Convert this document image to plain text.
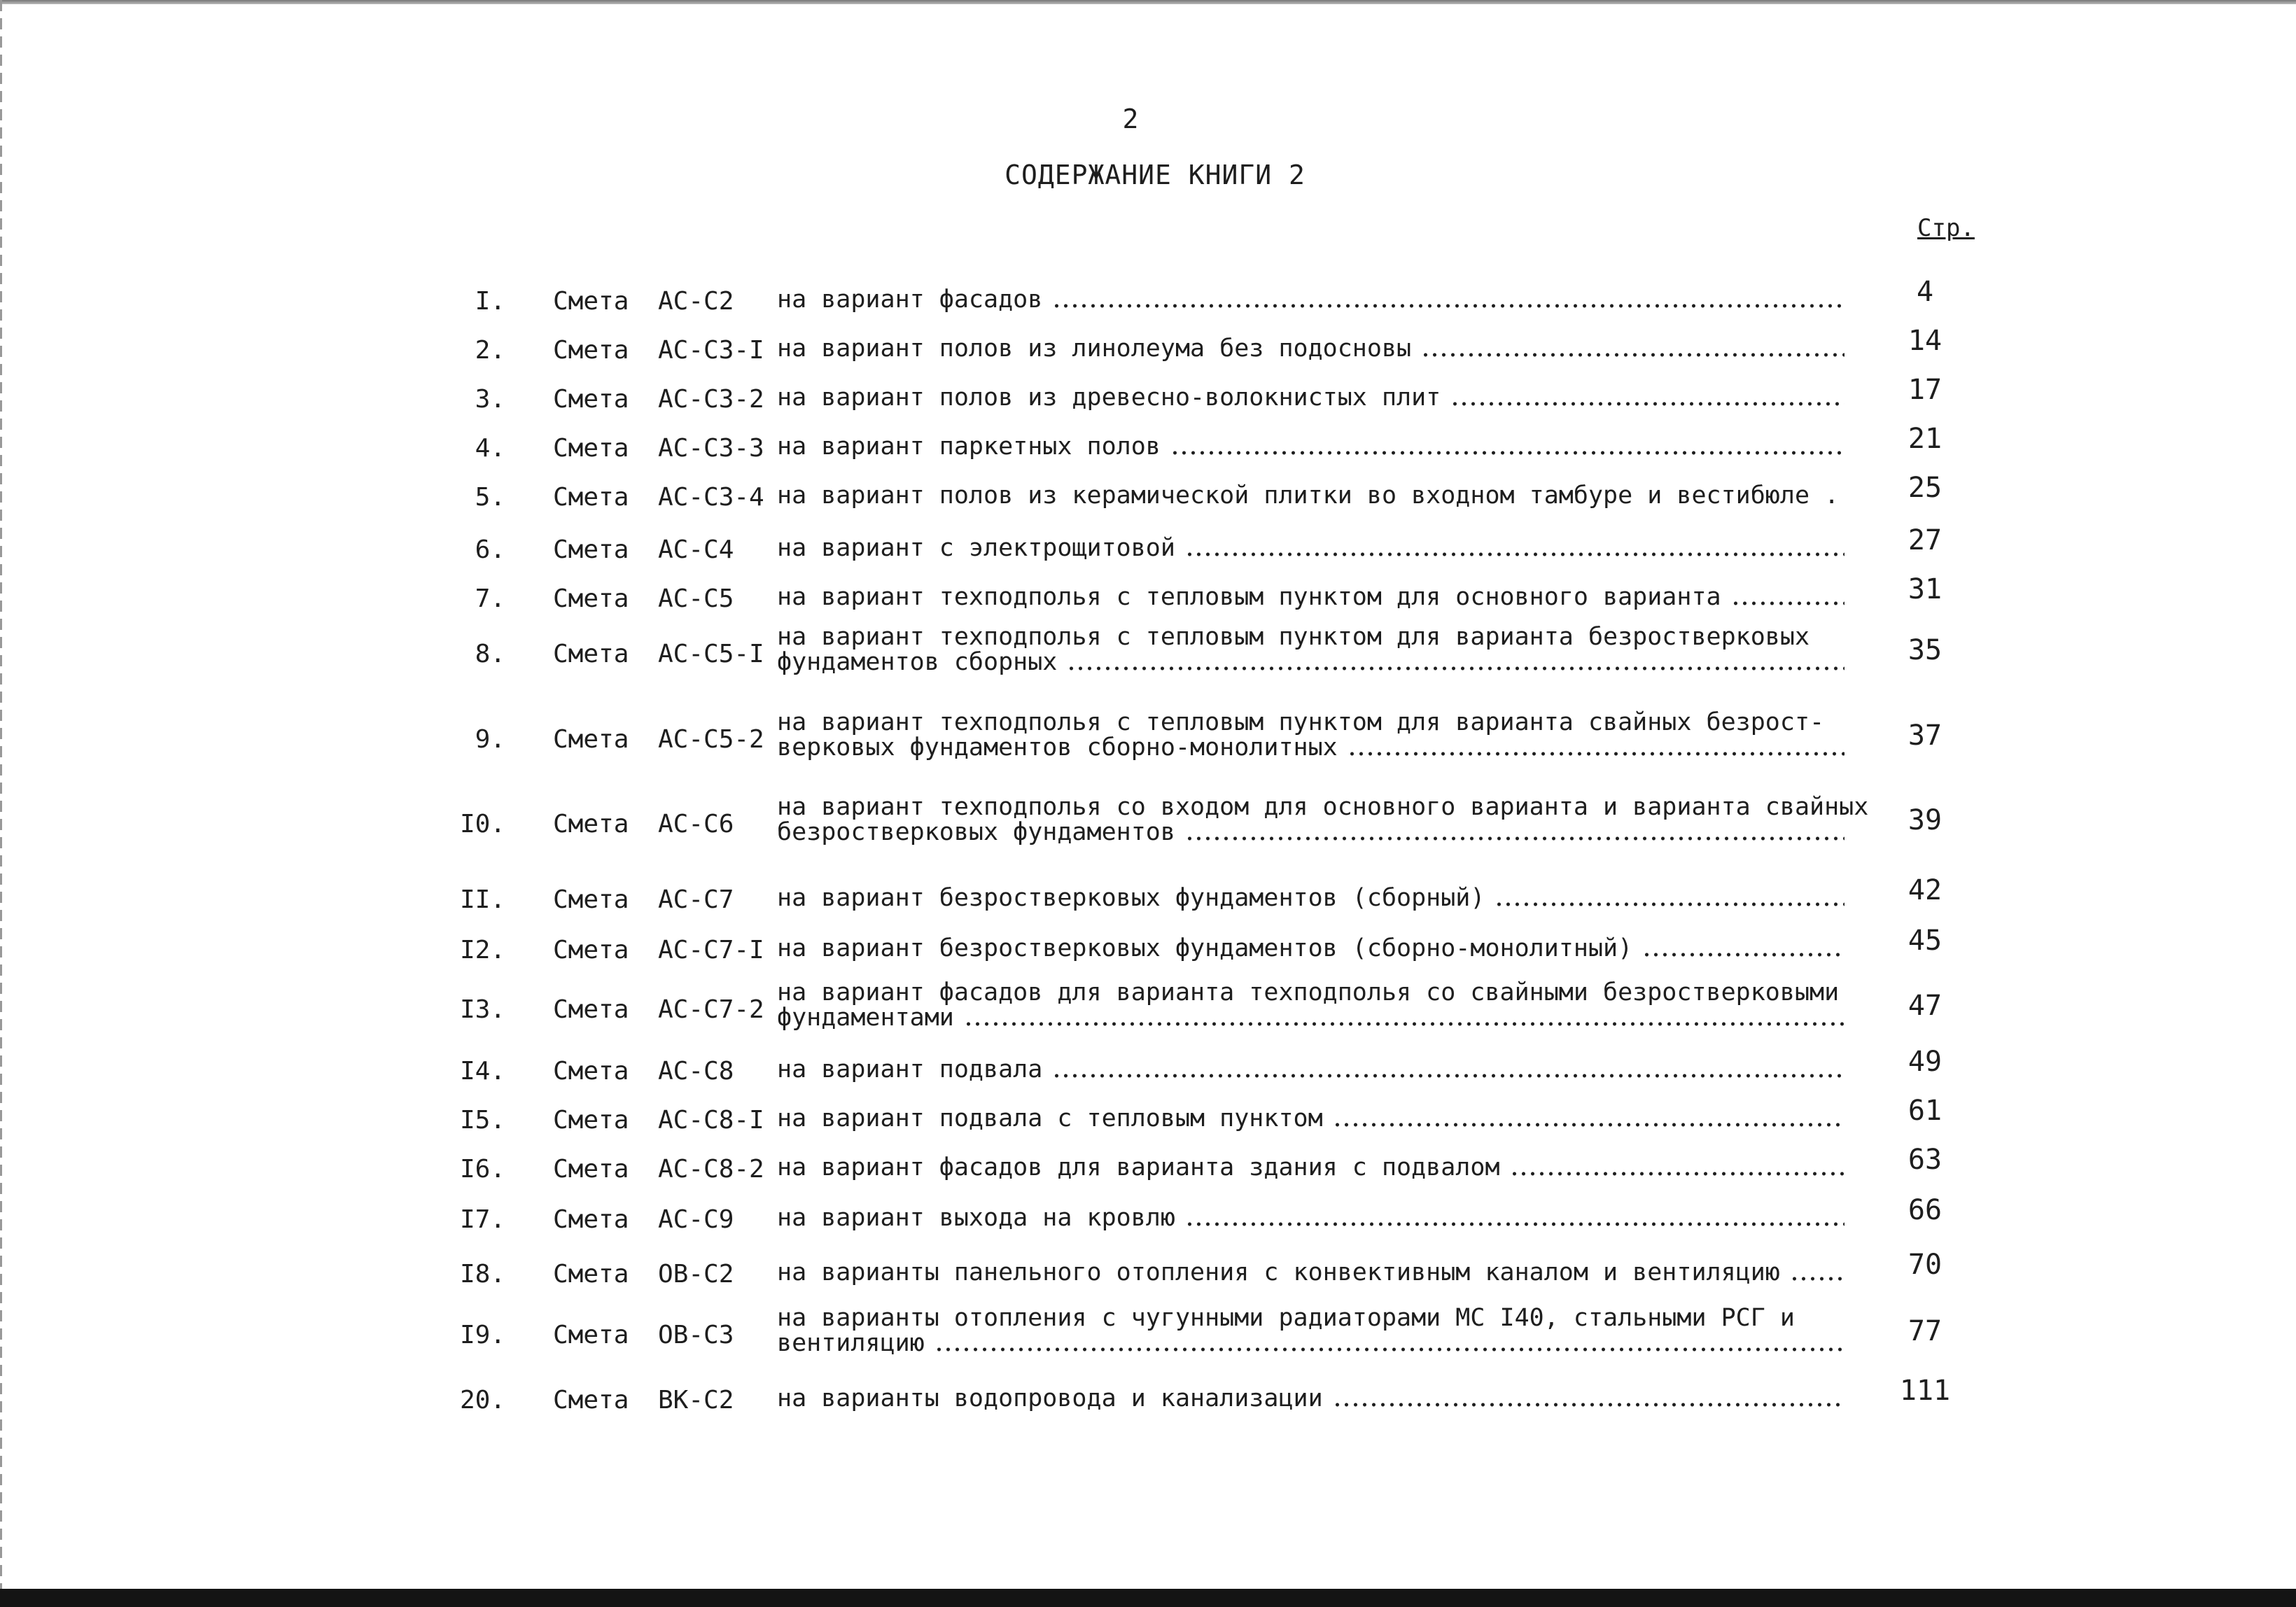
2
СОДЕРЖАНИЕ КНИГИ 2
Стр.
I. Смета АС-С2 на вариант фасадов	4
2. Смета АС-С3-I на вариант полов из линолеума без подосновы	14
3. Смета АС-С3-2 на вариант полов из древесно-волокнистых плит	17
4. Смета АС-С3-3 на вариант паркетных полов	21
5. Смета АС-С3-4 на вариант полов из керамической плитки во входном тамбуре и вестибюле .	25
6. Смета АС-С4 на вариант с электрощитовой	27
7. Смета АС-С5 на вариант техподполья с тепловым пунктом для основного варианта	31
8. Смета АС-С5-I
на вариант техподполья с тепловым пунктом для варианта безростверковых
фундаментов сборных	35
9. Смета АС-С5-2
на вариант техподполья с тепловым пунктом для варианта свайных безрост-
верковых фундаментов сборно-монолитных	37
I0. Смета АС-С6
на вариант техподполья со входом для основного варианта и варианта свайных
безростверковых фундаментов	39
II. Смета АС-С7 на вариант безростверковых фундаментов (сборный)	42
I2. Смета АС-С7-I на вариант безростверковых фундаментов (сборно-монолитный)	45
I3. Смета АС-С7-2
на вариант фасадов для варианта техподполья со свайными безростверковыми
фундаментами	47
I4. Смета АС-С8 на вариант подвала	49
I5. Смета АС-С8-I на вариант подвала с тепловым пунктом	61
I6. Смета АС-С8-2 на вариант фасадов для варианта здания с подвалом	63
I7. Смета АС-С9 на вариант выхода на кровлю	66
I8. Смета ОВ-С2 на варианты панельного отопления с конвективным каналом и вентиляцию	70
I9. Смета ОВ-С3
на варианты отопления с чугунными радиаторами МС I40, стальными РСГ и
вентиляцию	77
20. Смета ВК-С2 на варианты водопровода и канализации	111
